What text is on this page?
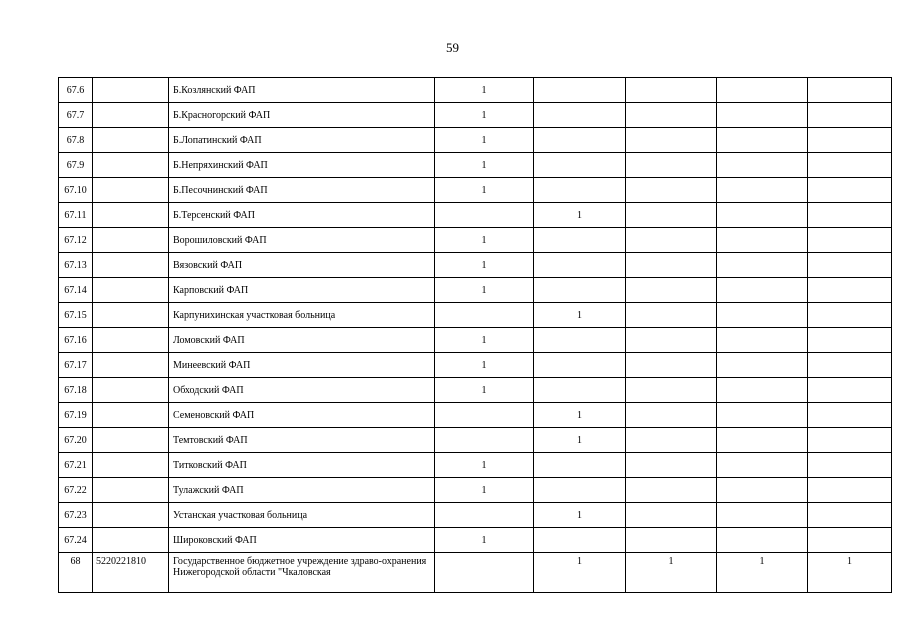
59
67.6		Б.Козлянский ФАП	1				
67.7		Б.Красногорский ФАП	1				
67.8		Б.Лопатинский ФАП	1				
67.9		Б.Непряхинский ФАП	1				
67.10		Б.Песочнинский ФАП	1				
67.11		Б.Терсенский ФАП		1			
67.12		Ворошиловский ФАП	1				
67.13		Вязовский ФАП	1				
67.14		Карповский ФАП	1				
67.15		Карпунихинская участковая больница		1			
67.16		Ломовский ФАП	1				
67.17		Минеевский ФАП	1				
67.18		Обходский ФАП	1				
67.19		Семеновский ФАП		1			
67.20		Темтовский ФАП		1			
67.21		Титковский ФАП	1				
67.22		Тулажский ФАП	1				
67.23		Устанская участковая больница		1			
67.24		Широковский ФАП	1				
68	5220221810	Государственное бюджетное учреждение здраво-охранения Нижегородской области "Чкаловская		1	1	1	1
